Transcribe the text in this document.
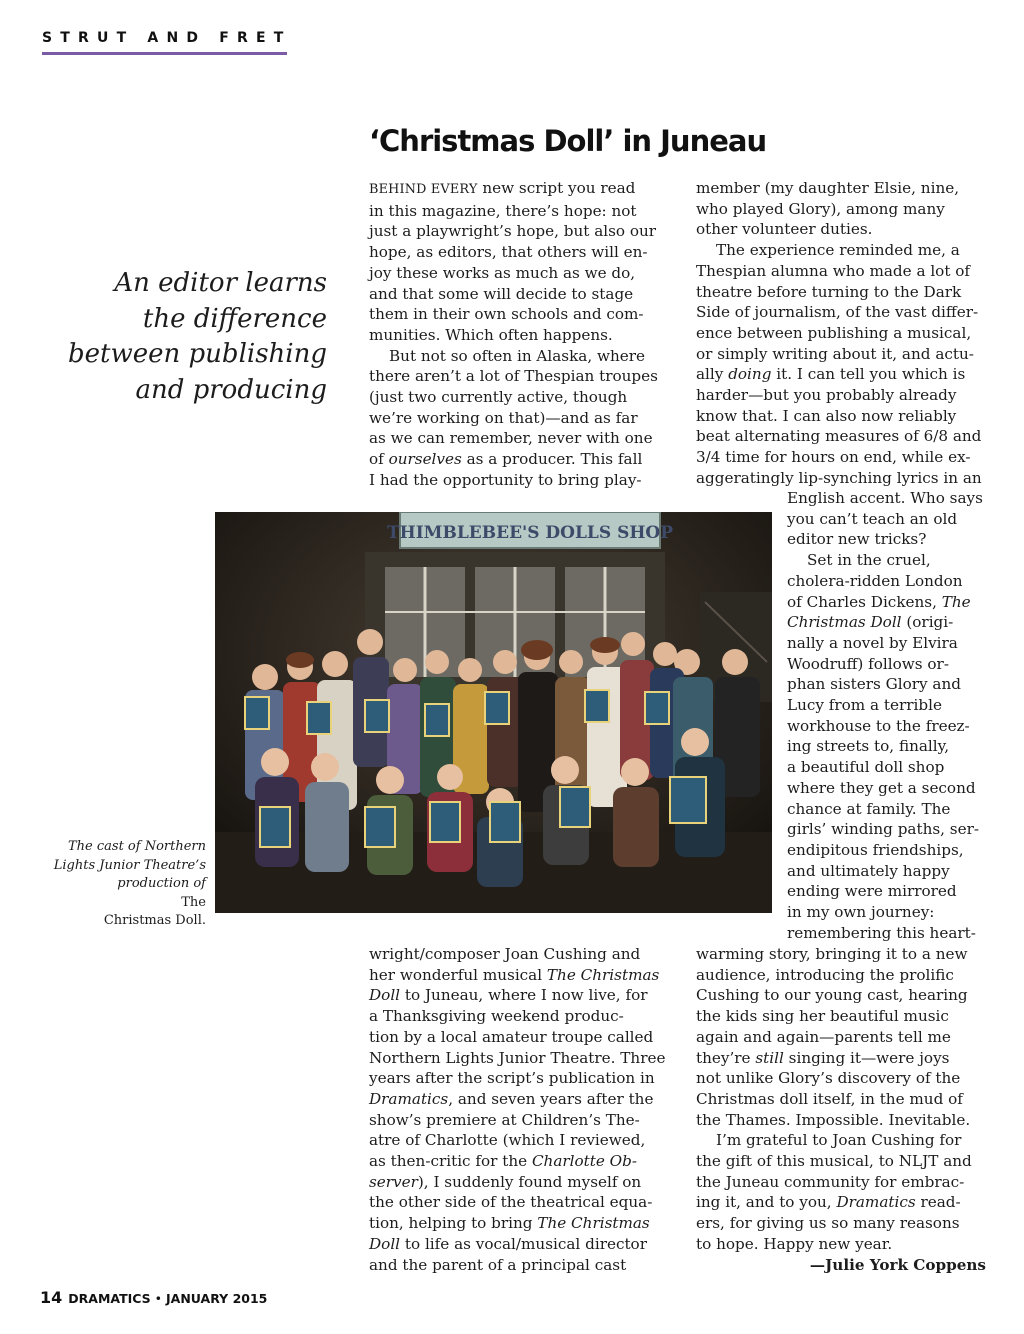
STRUT AND FRET
‘Christmas Doll’ in Juneau
An editor learns
the difference
between publishing
and producing
THIMBLEBEE'S DOLLS SHOP
The cast of Northern
Lights Junior Theatre’s
production of
The
Christmas Doll.
BEHIND EVERY new script you read
in this magazine, there’s hope: not
just a playwright’s hope, but also our
hope, as editors, that others will en-
joy these works as much as we do,
and that some will decide to stage
them in their own schools and com-
munities. Which often happens.
But not so often in Alaska, where
there aren’t a lot of Thespian troupes
(just two currently active, though
we’re working on that)—and as far
as we can remember, never with one
of ourselves as a producer. This fall
I had the opportunity to bring play-
wright/composer Joan Cushing and
her wonderful musical The Christmas
Doll to Juneau, where I now live, for
a Thanksgiving weekend produc-
tion by a local amateur troupe called
Northern Lights Junior Theatre. Three
years after the script’s publication in
Dramatics, and seven years after the
show’s premiere at Children’s The-
atre of Charlotte (which I reviewed,
as then-critic for the Charlotte Ob-
server), I suddenly found myself on
the other side of the theatrical equa-
tion, helping to bring The Christmas
Doll to life as vocal/musical director
and the parent of a principal cast
member (my daughter Elsie, nine,
who played Glory), among many
other volunteer duties.
The experience reminded me, a
Thespian alumna who made a lot of
theatre before turning to the Dark
Side of journalism, of the vast differ-
ence between publishing a musical,
or simply writing about it, and actu-
ally doing it. I can tell you which is
harder—but you probably already
know that. I can also now reliably
beat alternating measures of 6/8 and
3/4 time for hours on end, while ex-
aggeratingly lip-synching lyrics in an
English accent. Who says
you can’t teach an old
editor new tricks?
Set in the cruel,
cholera-ridden London
of Charles Dickens, The
Christmas Doll (origi-
nally a novel by Elvira
Woodruff) follows or-
phan sisters Glory and
Lucy from a terrible
workhouse to the freez-
ing streets to, finally,
a beautiful doll shop
where they get a second
chance at family. The
girls’ winding paths, ser-
endipitous friendships,
and ultimately happy
ending were mirrored
in my own journey:
remembering this heart-
warming story, bringing it to a new
audience, introducing the prolific
Cushing to our young cast, hearing
the kids sing her beautiful music
again and again—parents tell me
they’re still singing it—were joys
not unlike Glory’s discovery of the
Christmas doll itself, in the mud of
the Thames. Impossible. Inevitable.
I’m grateful to Joan Cushing for
the gift of this musical, to NLJT and
the Juneau community for embrac-
ing it, and to you, Dramatics read-
ers, for giving us so many reasons
to hope. Happy new year.
—Julie York Coppens
14 DRAMATICS • JANUARY 2015
